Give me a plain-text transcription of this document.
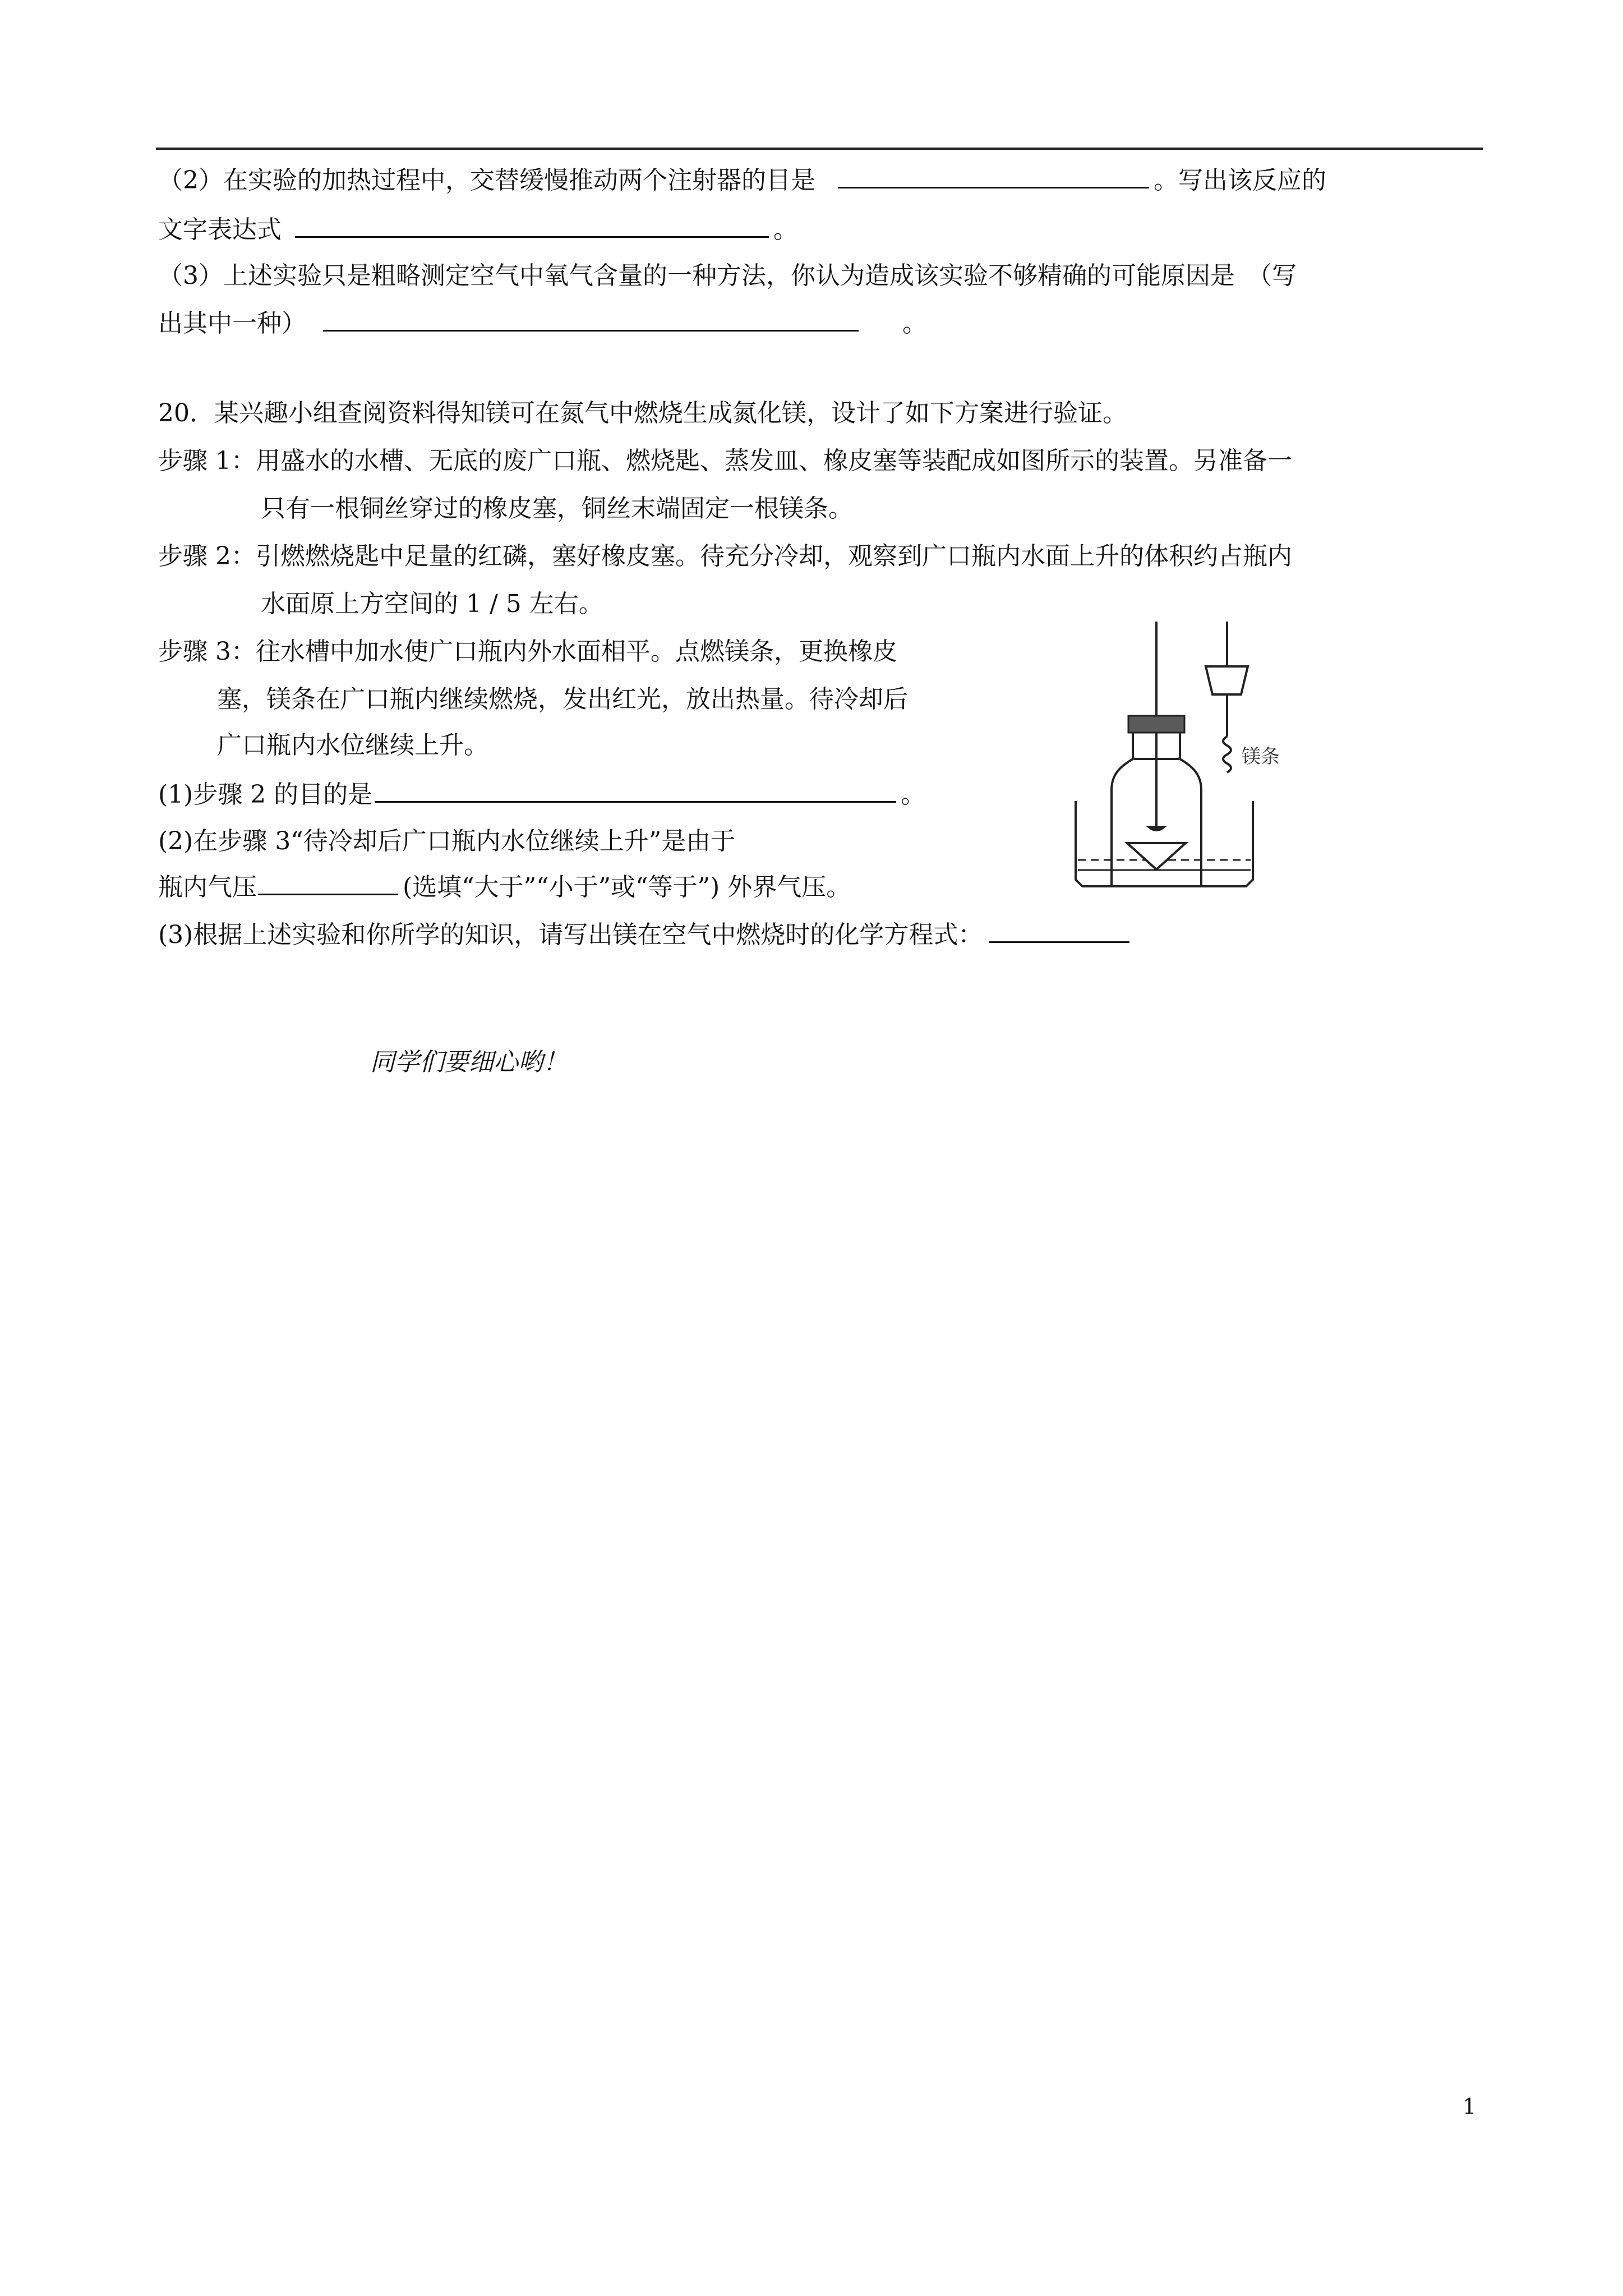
（2）在实验的加热过程中，交替缓慢推动两个注射器的目是	。写出该反应的
文字表达式	。
（3）上述实验只是粗略测定空气中氧气含量的一种方法，你认为造成该实验不够精确的可能原因是　（写
出其中一种）	。
20．某兴趣小组查阅资料得知镁可在氮气中燃烧生成氮化镁，设计了如下方案进行验证。
步骤 1：用盛水的水槽、无底的废广口瓶、燃烧匙、蒸发皿、橡皮塞等装配成如图所示的装置。另准备一
只有一根铜丝穿过的橡皮塞，铜丝末端固定一根镁条。
步骤 2：引燃燃烧匙中足量的红磷，塞好橡皮塞。待充分冷却，观察到广口瓶内水面上升的体积约占瓶内
水面原上方空间的 1 / 5 左右。
步骤 3：往水槽中加水使广口瓶内外水面相平。点燃镁条，更换橡皮
塞，镁条在广口瓶内继续燃烧，发出红光，放出热量。待冷却后
广口瓶内水位继续上升。
(1)步骤 2 的目的是	。
(2)在步骤 3“待冷却后广口瓶内水位继续上升”是由于
瓶内气压	(选填“大于”“小于”或“等于”) 外界气压。
(3)根据上述实验和你所学的知识，请写出镁在空气中燃烧时的化学方程式：
镁条
同学们要细心哟！
1
